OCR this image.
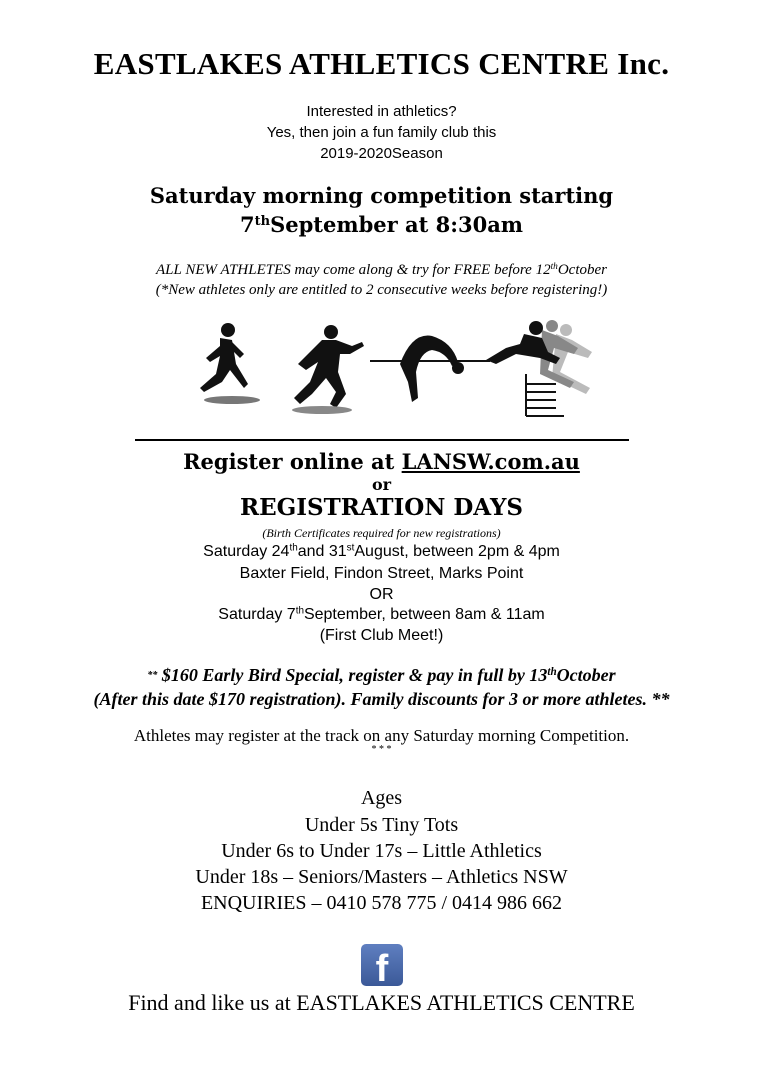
EASTLAKES ATHLETICS CENTRE Inc.
Interested in athletics?
Yes, then join a fun family club this
2019-2020Season
Saturday morning competition starting
7thSeptember at 8:30am
ALL NEW ATHLETES may come along & try for FREE before 12thOctober
(*New athletes only are entitled to 2 consecutive weeks before registering!)
Register online at LANSW.com.au
or
REGISTRATION DAYS
(Birth Certificates required for new registrations)
Saturday 24thand 31stAugust, between 2pm & 4pm
Baxter Field, Findon Street, Marks Point
OR
Saturday 7thSeptember, between 8am & 11am
(First Club Meet!)
** $160 Early Bird Special, register & pay in full by 13thOctober
(After this date $170 registration). Family discounts for 3 or more athletes. **
Athletes may register at the track on any Saturday morning Competition.
* * *
Ages
Under 5s Tiny Tots
Under 6s to Under 17s – Little Athletics
Under 18s – Seniors/Masters – Athletics NSW
ENQUIRIES – 0410 578 775 / 0414 986 662
f
Find and like us at EASTLAKES ATHLETICS CENTRE
